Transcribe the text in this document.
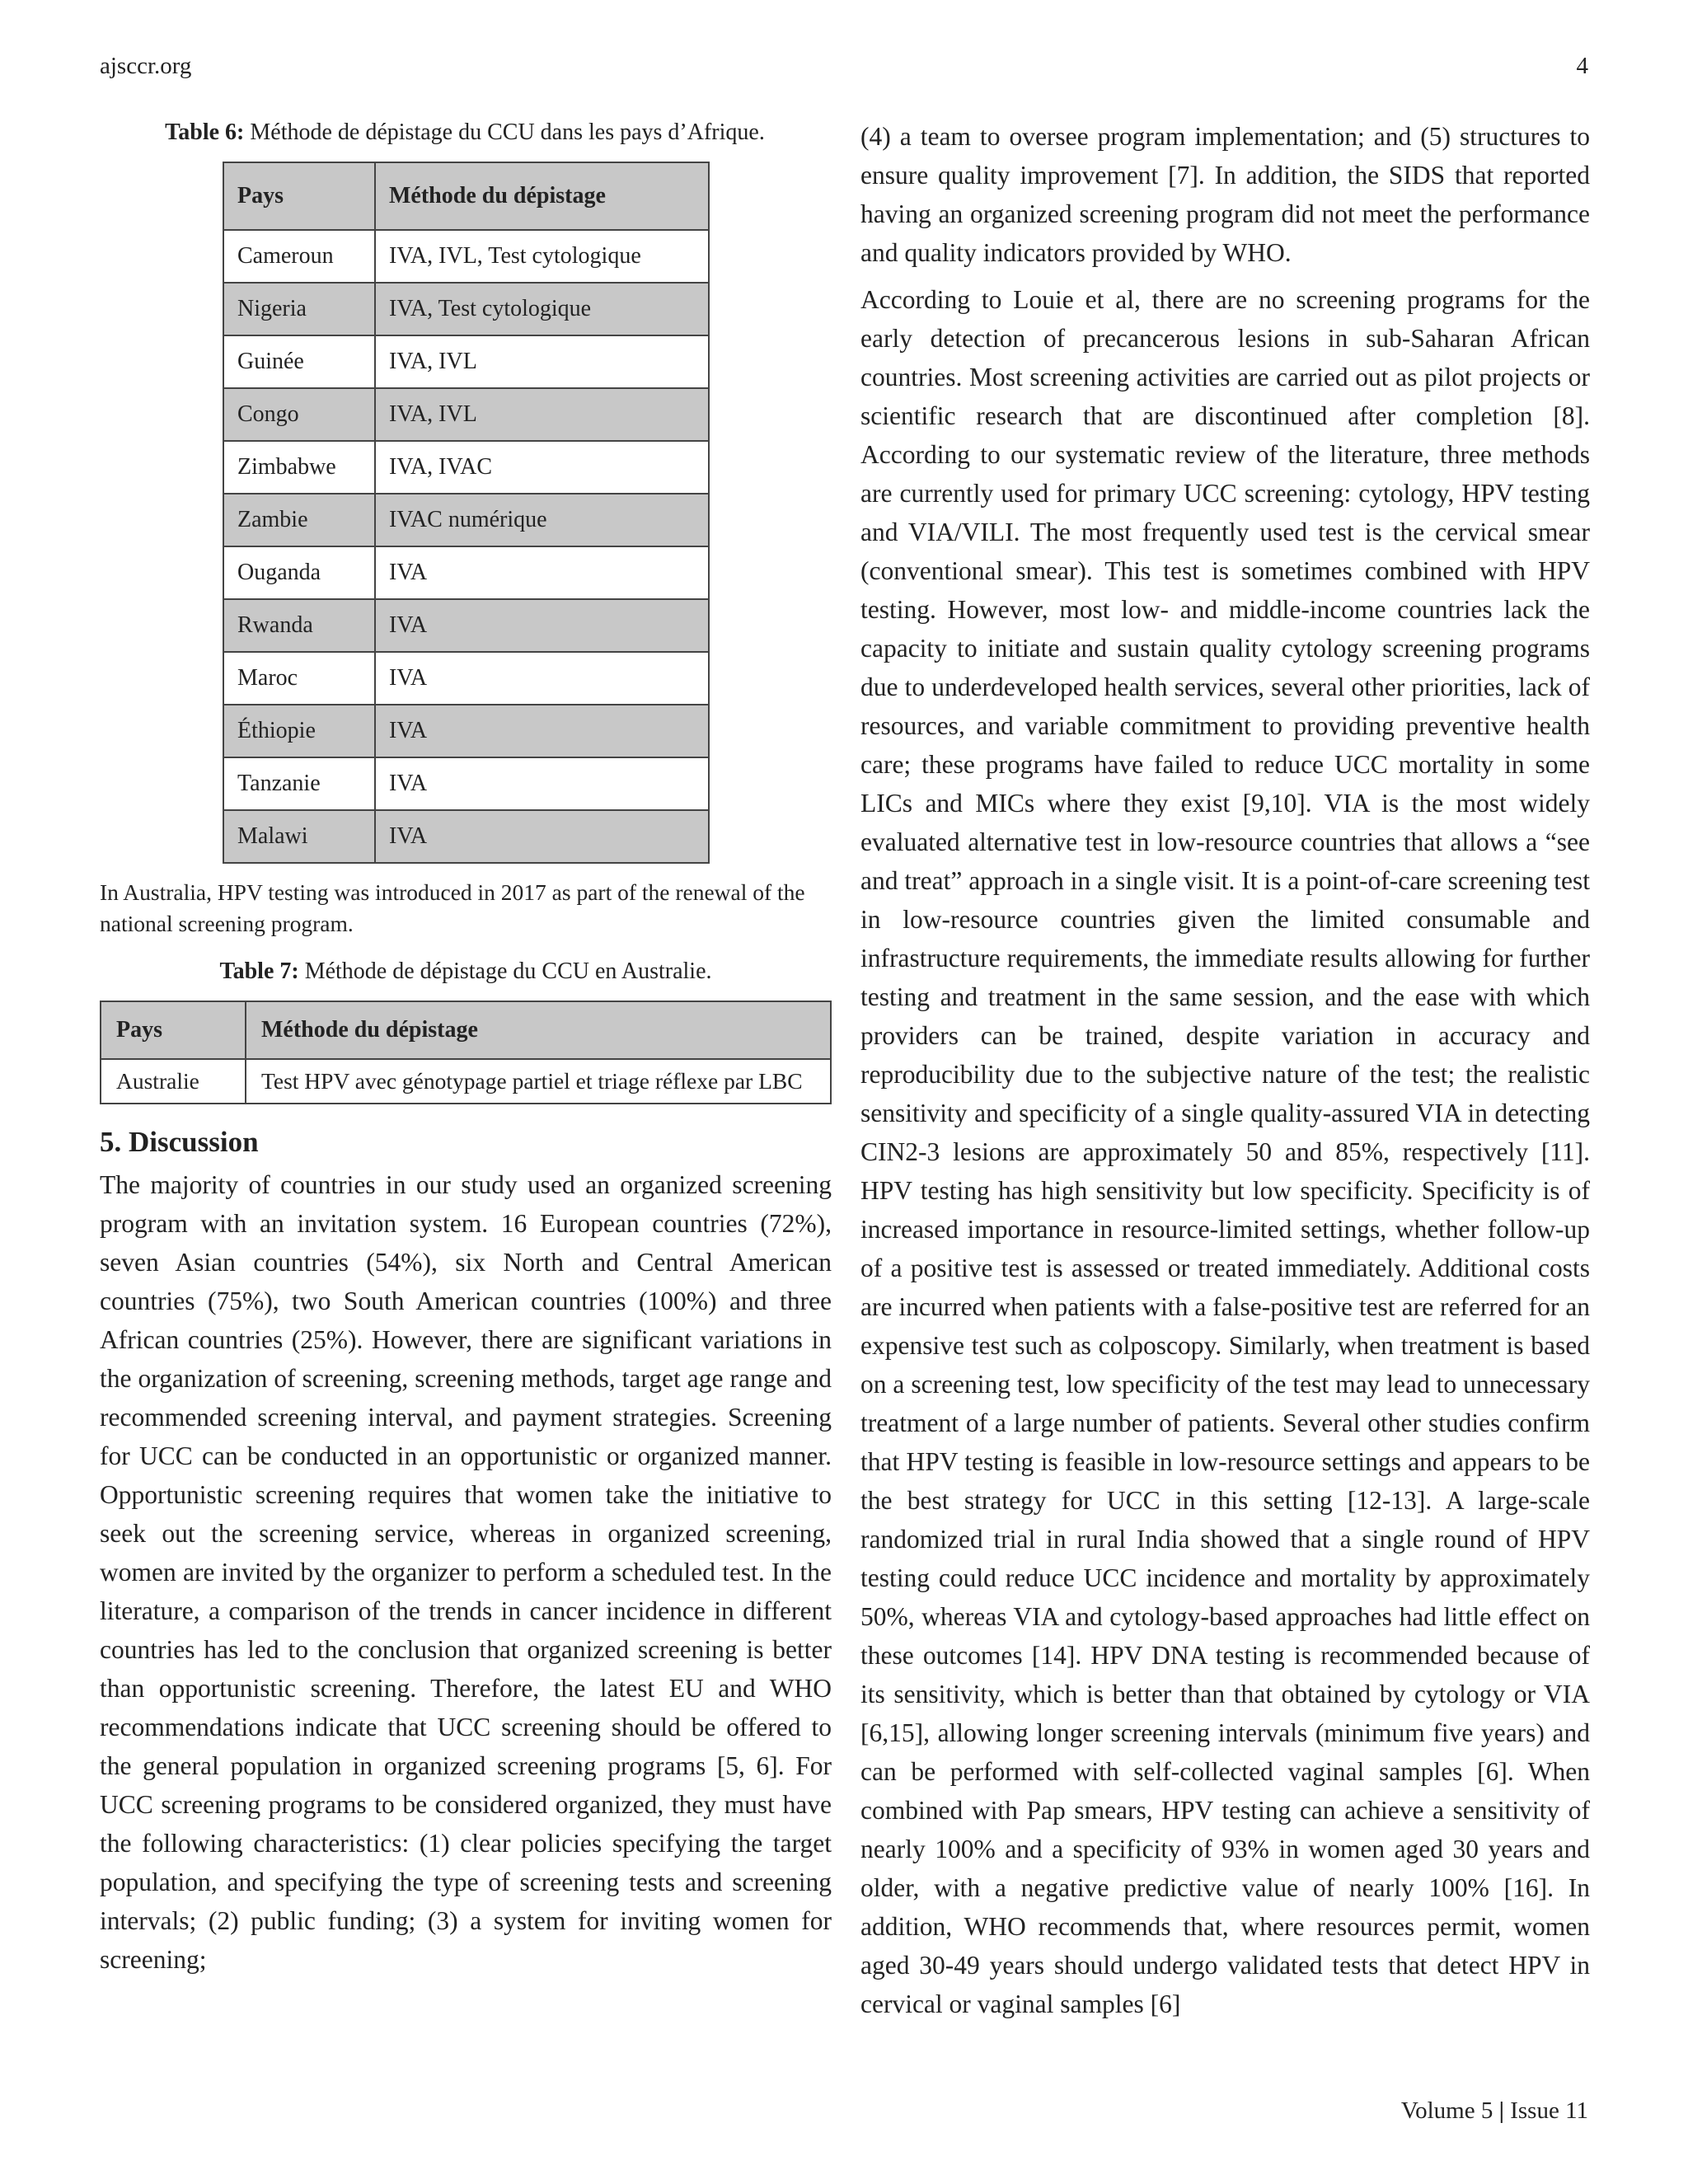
ajsccr.org	4
Table 6: Méthode de dépistage du CCU dans les pays d’Afrique.
Pays	Méthode du dépistage
Cameroun	IVA, IVL, Test cytologique
Nigeria	IVA, Test cytologique
Guinée	IVA, IVL
Congo	IVA, IVL
Zimbabwe	IVA, IVAC
Zambie	IVAC numérique
Ouganda	IVA
Rwanda	IVA
Maroc	IVA
Éthiopie	IVA
Tanzanie	IVA
Malawi	IVA

In Australia, HPV testing was introduced in 2017 as part of the renewal of the national screening program.

Table 7: Méthode de dépistage du CCU en Australie.
Pays	Méthode du dépistage
Australie	Test HPV avec génotypage partiel et triage réflexe par LBC
5. Discussion

The majority of countries in our study used an organized screening program with an invitation system. 16 European countries (72%), seven Asian countries (54%), six North and Central American countries (75%), two South American countries (100%) and three African countries (25%). However, there are significant variations in the organization of screening, screening methods, target age range and recommended screening interval, and payment strategies. Screening for UCC can be conducted in an opportunistic or organized manner. Opportunistic screening requires that women take the initiative to seek out the screening service, whereas in organized screening, women are invited by the organizer to perform a scheduled test. In the literature, a comparison of the trends in cancer incidence in different countries has led to the conclusion that organized screening is better than opportunistic screening. Therefore, the latest EU and WHO recommendations indicate that UCC screening should be offered to the general population in organized screening programs [5, 6]. For UCC screening programs to be considered organized, they must have the following characteristics: (1) clear policies specifying the target population, and specifying the type of screening tests and screening intervals; (2) public funding; (3) a system for inviting women for screening;

(4) a team to oversee program implementation; and (5) structures to ensure quality improvement [7]. In addition, the SIDS that reported having an organized screening program did not meet the performance and quality indicators provided by WHO.

According to Louie et al, there are no screening programs for the early detection of precancerous lesions in sub-Saharan African countries. Most screening activities are carried out as pilot projects or scientific research that are discontinued after completion [8]. According to our systematic review of the literature, three methods are currently used for primary UCC screening: cytology, HPV testing and VIA/VILI. The most frequently used test is the cervical smear (conventional smear). This test is sometimes combined with HPV testing. However, most low- and middle-income countries lack the capacity to initiate and sustain quality cytology screening programs due to underdeveloped health services, several other priorities, lack of resources, and variable commitment to providing preventive health care; these programs have failed to reduce UCC mortality in some LICs and MICs where they exist [9,10]. VIA is the most widely evaluated alternative test in low-resource countries that allows a “see and treat” approach in a single visit. It is a point-of-care screening test in low-resource countries given the limited consumable and infrastructure requirements, the immediate results allowing for further testing and treatment in the same session, and the ease with which providers can be trained, despite variation in accuracy and reproducibility due to the subjective nature of the test; the realistic sensitivity and specificity of a single quality-assured VIA in detecting CIN2-3 lesions are approximately 50 and 85%, respectively [11]. HPV testing has high sensitivity but low specificity. Specificity is of increased importance in resource-limited settings, whether follow-up of a positive test is assessed or treated immediately. Additional costs are incurred when patients with a false-positive test are referred for an expensive test such as colposcopy. Similarly, when treatment is based on a screening test, low specificity of the test may lead to unnecessary treatment of a large number of patients. Several other studies confirm that HPV testing is feasible in low-resource settings and appears to be the best strategy for UCC in this setting [12-13]. A large-scale randomized trial in rural India showed that a single round of HPV testing could reduce UCC incidence and mortality by approximately 50%, whereas VIA and cytology-based approaches had little effect on these outcomes [14]. HPV DNA testing is recommended because of its sensitivity, which is better than that obtained by cytology or VIA [6,15], allowing longer screening intervals (minimum five years) and can be performed with self-collected vaginal samples [6]. When combined with Pap smears, HPV testing can achieve a sensitivity of nearly 100% and a specificity of 93% in women aged 30 years and older, with a negative predictive value of nearly 100% [16]. In addition, WHO recommends that, where resources permit, women aged 30-49 years should undergo validated tests that detect HPV in cervical or vaginal samples [6]

Volume 5 | Issue 11
